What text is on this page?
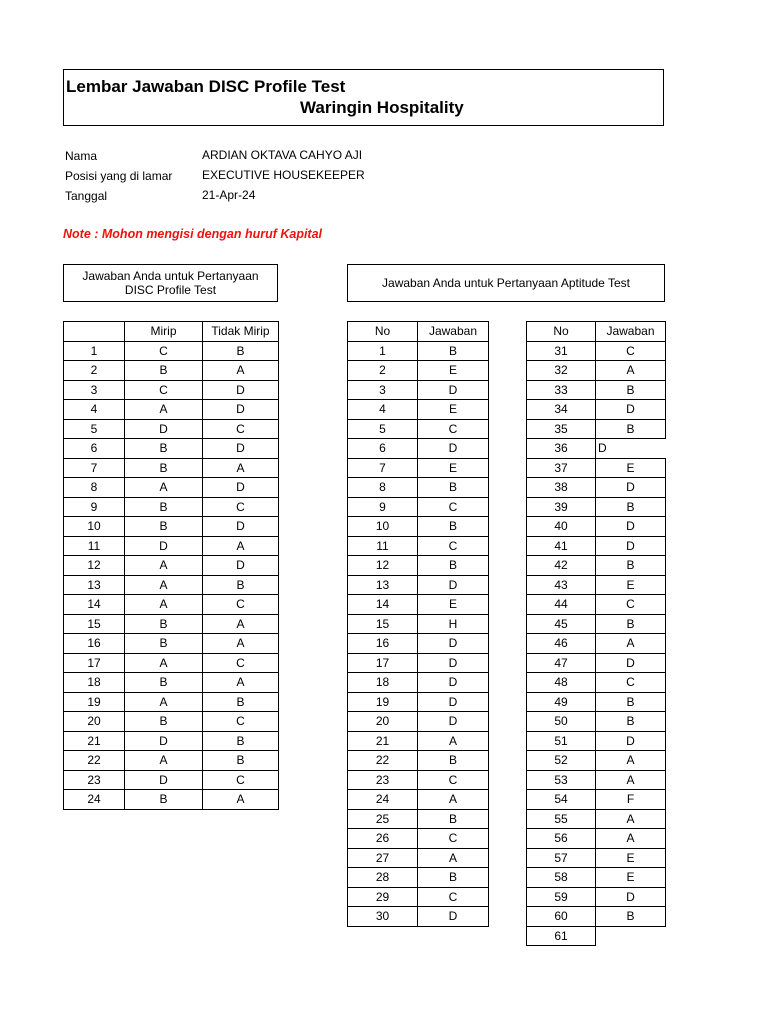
Lembar Jawaban DISC Profile Test
Waringin Hospitality
Nama	ARDIAN OKTAVA CAHYO AJI
Posisi yang di lamar EXECUTIVE HOUSEKEEPER
Tanggal	21-Apr-24
Note : Mohon mengisi dengan huruf Kapital
Jawaban Anda untuk Pertanyaan
DISC Profile Test	Jawaban Anda untuk Pertanyaan Aptitude Test
	Mirip	Tidak Mirip
1	C	B
2	B	A
3	C	D
4	A	D
5	D	C
6	B	D
7	B	A
8	A	D
9	B	C
10	B	D
11	D	A
12	A	D
13	A	B
14	A	C
15	B	A
16	B	A
17	A	C
18	B	A
19	A	B
20	B	C
21	D	B
22	A	B
23	D	C
24	B	A
No	Jawaban
1	B
2	E
3	D
4	E
5	C
6	D
7	E
8	B
9	C
10	B
11	C
12	B
13	D
14	E
15	H
16	D
17	D
18	D
19	D
20	D
21	A
22	B
23	C
24	A
25	B
26	C
27	A
28	B
29	C
30	D
No	Jawaban
31	C
32	A
33	B
34	D
35	B
36	D
37	E
38	D
39	B
40	D
41	D
42	B
43	E
44	C
45	B
46	A
47	D
48	C
49	B
50	B
51	D
52	A
53	A
54	F
55	A
56	A
57	E
58	E
59	D
60	B
61	
